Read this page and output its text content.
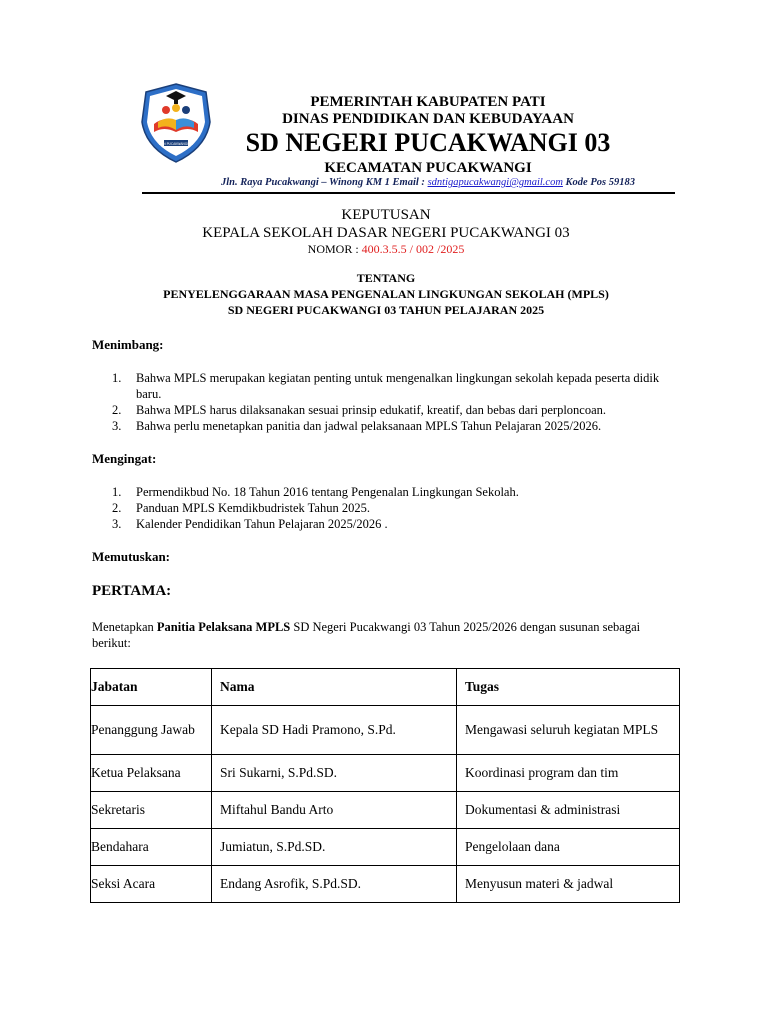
SDN PUCAKWANGI 03
PEMERINTAH KABUPATEN PATI
DINAS PENDIDIKAN DAN KEBUDAYAAN
SD NEGERI PUCAKWANGI 03
KECAMATAN PUCAKWANGI
Jln. Raya Pucakwangi – Winong KM 1 Email : sdntigapucakwangi@gmail.com Kode Pos 59183
KEPUTUSAN
KEPALA SEKOLAH DASAR NEGERI PUCAKWANGI 03
NOMOR : 400.3.5.5 / 002 /2025
TENTANG
PENYELENGGARAAN MASA PENGENALAN LINGKUNGAN SEKOLAH (MPLS)
SD NEGERI PUCAKWANGI 03 TAHUN PELAJARAN 2025
Menimbang:
1. Bahwa MPLS merupakan kegiatan penting untuk mengenalkan lingkungan sekolah kepada peserta didik baru.
2. Bahwa MPLS harus dilaksanakan sesuai prinsip edukatif, kreatif, dan bebas dari perploncoan.
3. Bahwa perlu menetapkan panitia dan jadwal pelaksanaan MPLS Tahun Pelajaran 2025/2026.
Mengingat:
1. Permendikbud No. 18 Tahun 2016 tentang Pengenalan Lingkungan Sekolah.
2. Panduan MPLS Kemdikbudristek Tahun 2025.
3. Kalender Pendidikan Tahun Pelajaran 2025/2026 .
Memutuskan:
PERTAMA:
Menetapkan Panitia Pelaksana MPLS SD Negeri Pucakwangi 03 Tahun 2025/2026 dengan susunan sebagai berikut:
Jabatan	Nama	Tugas
Penanggung Jawab	Kepala SD Hadi Pramono, S.Pd.	Mengawasi seluruh kegiatan MPLS
Ketua Pelaksana	Sri Sukarni, S.Pd.SD.	Koordinasi program dan tim
Sekretaris	Miftahul Bandu Arto	Dokumentasi & administrasi
Bendahara	Jumiatun, S.Pd.SD.	Pengelolaan dana
Seksi Acara	Endang Asrofik, S.Pd.SD.	Menyusun materi & jadwal
